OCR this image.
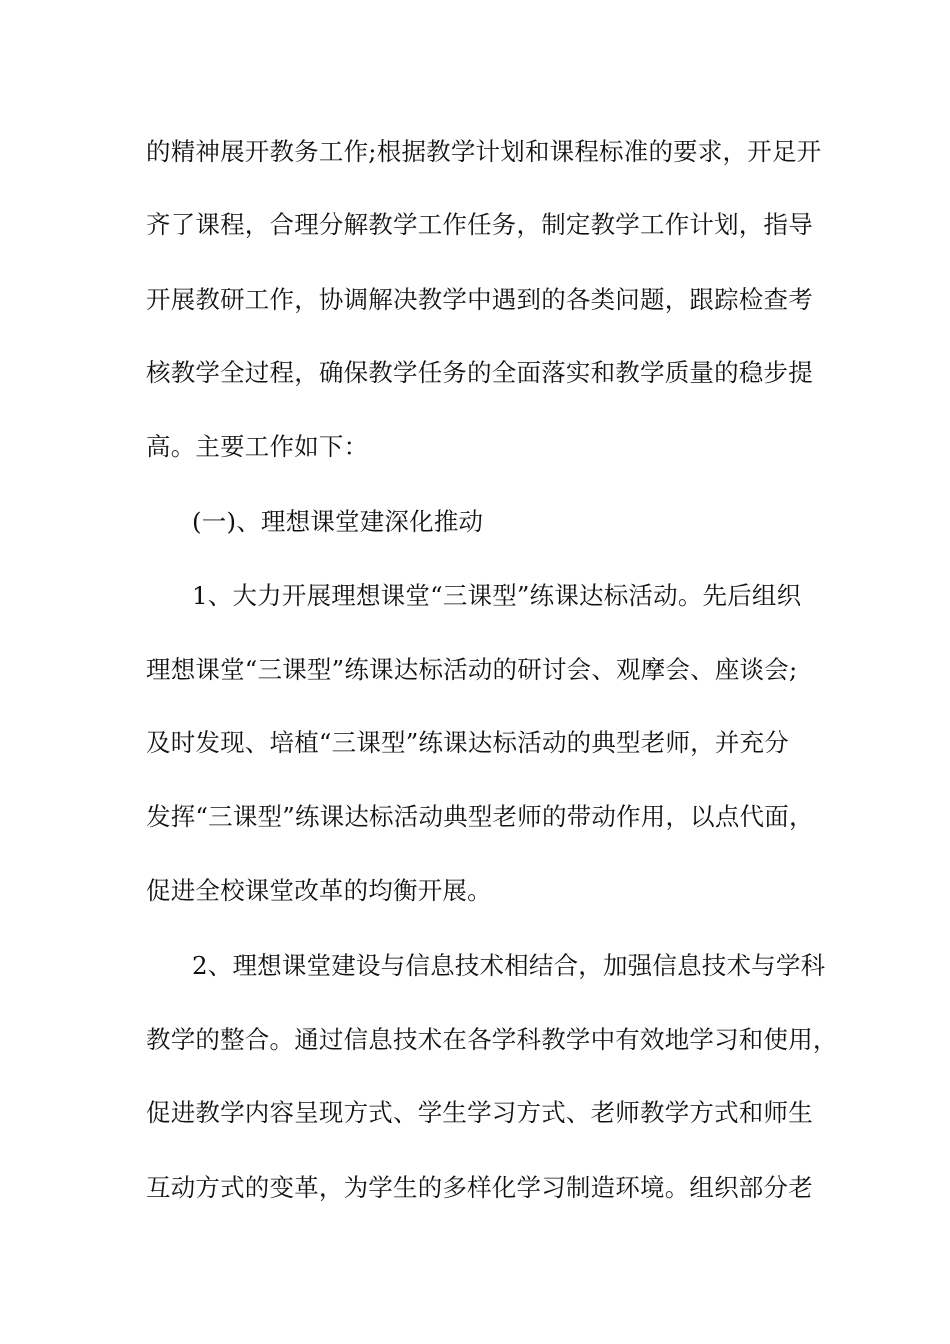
的精神展开教务工作;根据教学计划和课程标准的要求，开足开
齐了课程，合理分解教学工作任务，制定教学工作计划，指导
开展教研工作，协调解决教学中遇到的各类问题，跟踪检查考
核教学全过程，确保教学任务的全面落实和教学质量的稳步提
高。主要工作如下：
(一)、理想课堂建深化推动
1、大力开展理想课堂“三课型”练课达标活动。先后组织
理想课堂“三课型”练课达标活动的研讨会、观摩会、座谈会;
及时发现、培植“三课型”练课达标活动的典型老师，并充分
发挥“三课型”练课达标活动典型老师的带动作用，以点代面，
促进全校课堂改革的均衡开展。
2、理想课堂建设与信息技术相结合，加强信息技术与学科
教学的整合。通过信息技术在各学科教学中有效地学习和使用，
促进教学内容呈现方式、学生学习方式、老师教学方式和师生
互动方式的变革，为学生的多样化学习制造环境。组织部分老
